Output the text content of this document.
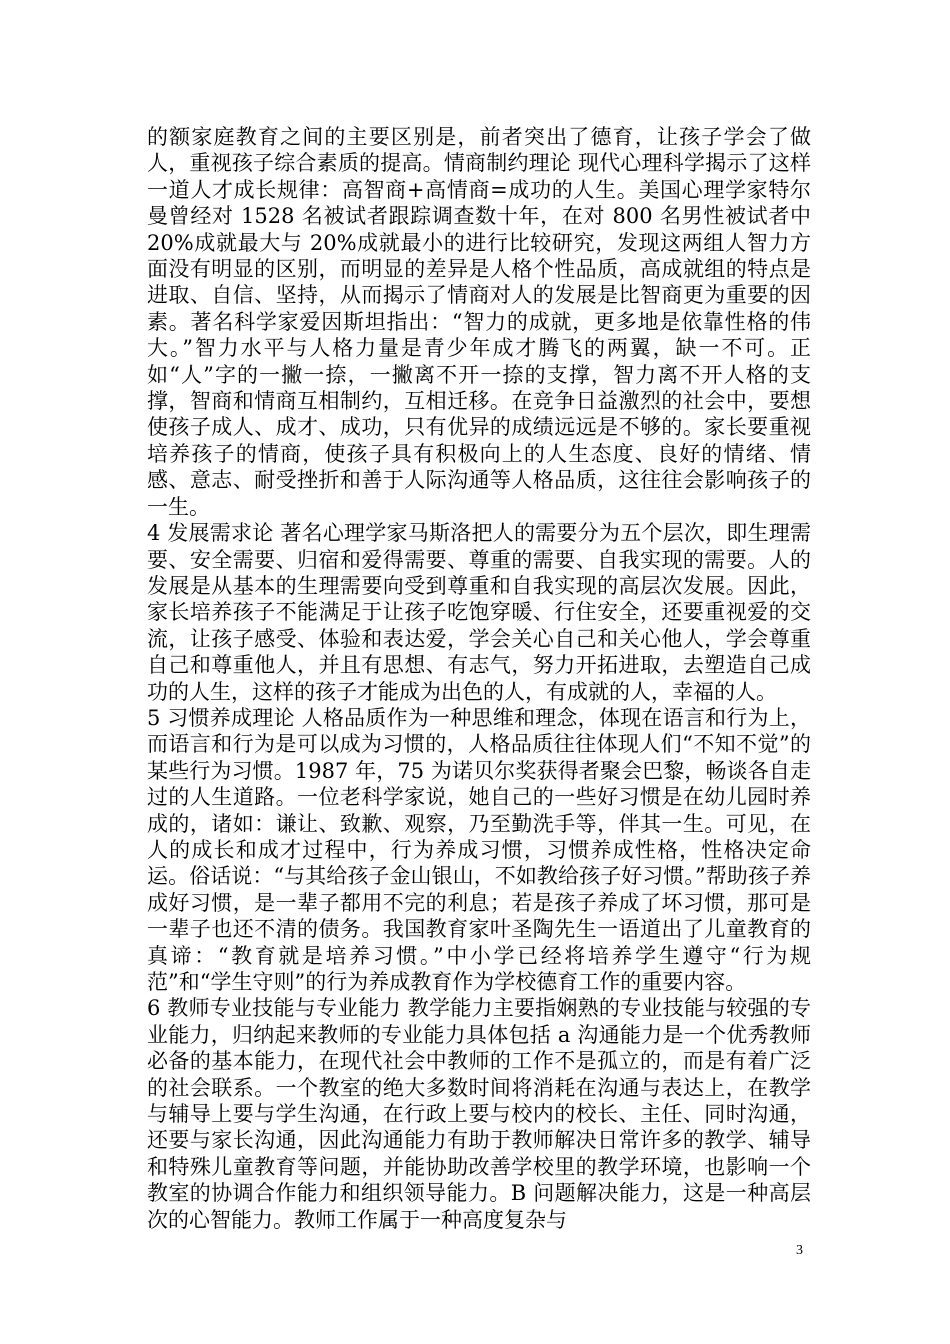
的额家庭教育之间的主要区别是，前者突出了德育，让孩子学会了做人，重视孩子综合素质的提高。情商制约理论 现代心理科学揭示了这样一道人才成长规律：高智商+高情商=成功的人生。美国心理学家特尔曼曾经对 1528 名被试者跟踪调查数十年，在对 800 名男性被试者中 20%成就最大与 20%成就最小的进行比较研究，发现这两组人智力方面没有明显的区别，而明显的差异是人格个性品质，高成就组的特点是进取、自信、坚持，从而揭示了情商对人的发展是比智商更为重要的因素。著名科学家爱因斯坦指出：“智力的成就，更多地是依靠性格的伟大。”智力水平与人格力量是青少年成才腾飞的两翼，缺一不可。正如“人”字的一撇一捺，一撇离不开一捺的支撑，智力离不开人格的支撑，智商和情商互相制约，互相迁移。在竞争日益激烈的社会中，要想使孩子成人、成才、成功，只有优异的成绩远远是不够的。家长要重视培养孩子的情商，使孩子具有积极向上的人生态度、良好的情绪、情感、意志、耐受挫折和善于人际沟通等人格品质，这往往会影响孩子的一生。

4 发展需求论 著名心理学家马斯洛把人的需要分为五个层次，即生理需要、安全需要、归宿和爱得需要、尊重的需要、自我实现的需要。人的发展是从基本的生理需要向受到尊重和自我实现的高层次发展。因此，家长培养孩子不能满足于让孩子吃饱穿暖、行住安全，还要重视爱的交流，让孩子感受、体验和表达爱，学会关心自己和关心他人，学会尊重自己和尊重他人，并且有思想、有志气，努力开拓进取，去塑造自己成功的人生，这样的孩子才能成为出色的人，有成就的人，幸福的人。

5 习惯养成理论 人格品质作为一种思维和理念，体现在语言和行为上，而语言和行为是可以成为习惯的，人格品质往往体现人们“不知不觉”的某些行为习惯。1987 年，75 为诺贝尔奖获得者聚会巴黎，畅谈各自走过的人生道路。一位老科学家说，她自己的一些好习惯是在幼儿园时养成的，诸如：谦让、致歉、观察，乃至勤洗手等，伴其一生。可见，在人的成长和成才过程中，行为养成习惯，习惯养成性格，性格决定命运。俗话说：“与其给孩子金山银山，不如教给孩子好习惯。”帮助孩子养成好习惯，是一辈子都用不完的利息；若是孩子养成了坏习惯，那可是一辈子也还不清的债务。我国教育家叶圣陶先生一语道出了儿童教育的真谛：“教育就是培养习惯。”中小学已经将培养学生遵守“行为规范”和“学生守则”的行为养成教育作为学校德育工作的重要内容。

6 教师专业技能与专业能力 教学能力主要指娴熟的专业技能与较强的专业能力，归纳起来教师的专业能力具体包括 a 沟通能力是一个优秀教师必备的基本能力，在现代社会中教师的工作不是孤立的，而是有着广泛的社会联系。一个教室的绝大多数时间将消耗在沟通与表达上，在教学与辅导上要与学生沟通，在行政上要与校内的校长、主任、同时沟通，还要与家长沟通，因此沟通能力有助于教师解决日常许多的教学、辅导和特殊儿童教育等问题，并能协助改善学校里的教学环境，也影响一个教室的协调合作能力和组织领导能力。B 问题解决能力，这是一种高层次的心智能力。教师工作属于一种高度复杂与

3
